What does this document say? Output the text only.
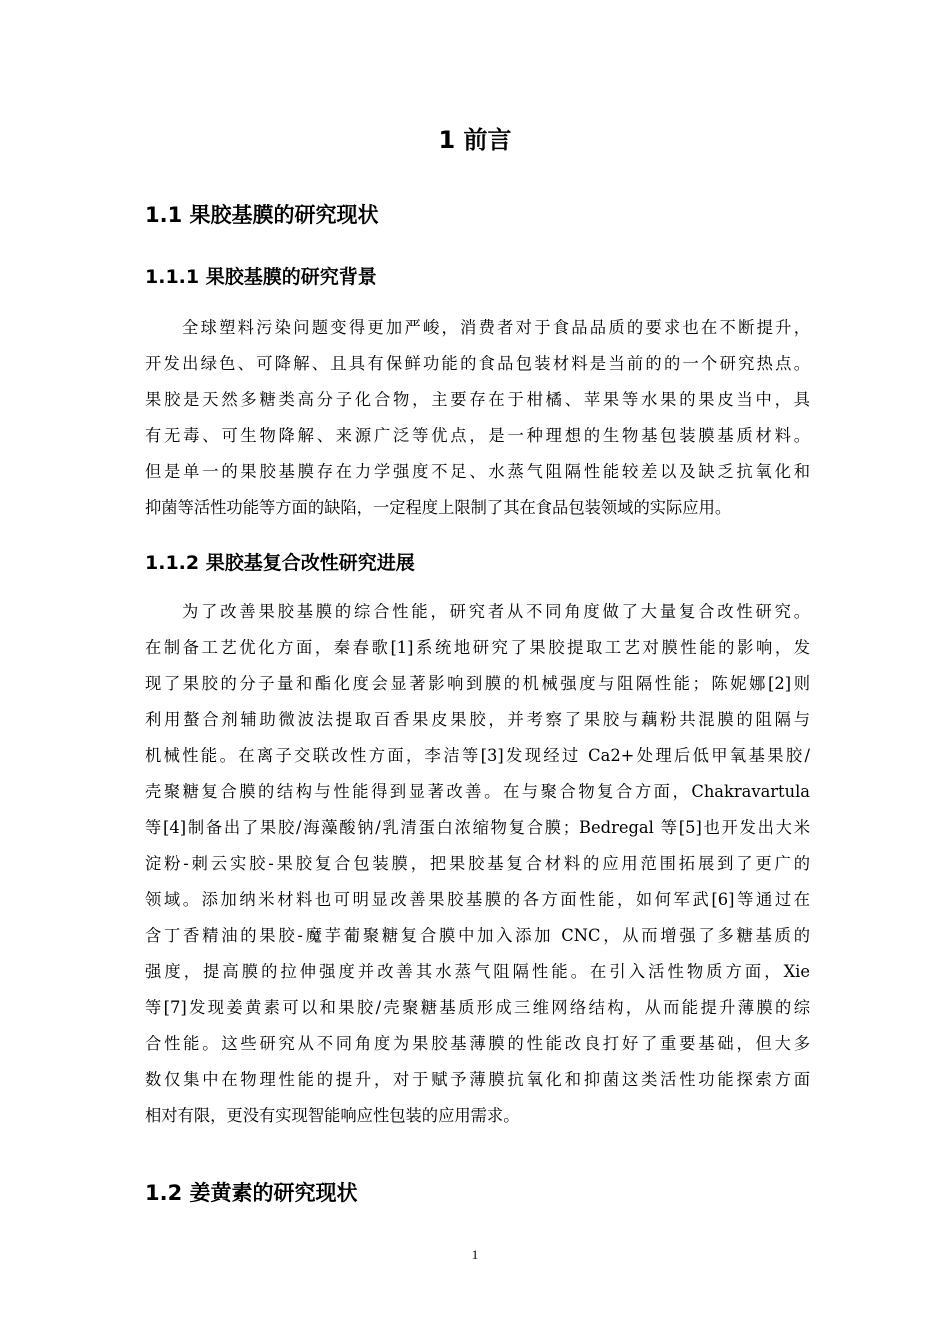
1 前言
1.1 果胶基膜的研究现状
1.1.1 果胶基膜的研究背景
全球塑料污染问题变得更加严峻，消费者对于食品品质的要求也在不断提升，
开发出绿色、可降解、且具有保鲜功能的食品包装材料是当前的的一个研究热点。
果胶是天然多糖类高分子化合物，主要存在于柑橘、苹果等水果的果皮当中，具
有无毒、可生物降解、来源广泛等优点，是一种理想的生物基包装膜基质材料。
但是单一的果胶基膜存在力学强度不足、水蒸气阻隔性能较差以及缺乏抗氧化和
抑菌等活性功能等方面的缺陷，一定程度上限制了其在食品包装领域的实际应用。
1.1.2 果胶基复合改性研究进展
为了改善果胶基膜的综合性能，研究者从不同角度做了大量复合改性研究。
在制备工艺优化方面，秦春歌[1]系统地研究了果胶提取工艺对膜性能的影响，发
现了果胶的分子量和酯化度会显著影响到膜的机械强度与阻隔性能；陈妮娜[2]则
利用螯合剂辅助微波法提取百香果皮果胶，并考察了果胶与藕粉共混膜的阻隔与
机械性能。在离子交联改性方面，李洁等[3]发现经过 Ca2+处理后低甲氧基果胶/
壳聚糖复合膜的结构与性能得到显著改善。在与聚合物复合方面，Chakravartula
等[4]制备出了果胶/海藻酸钠/乳清蛋白浓缩物复合膜；Bedregal 等[5]也开发出大米
淀粉-刺云实胶-果胶复合包装膜，把果胶基复合材料的应用范围拓展到了更广的
领域。添加纳米材料也可明显改善果胶基膜的各方面性能，如何军武[6]等通过在
含丁香精油的果胶-魔芋葡聚糖复合膜中加入添加 CNC，从而增强了多糖基质的
强度，提高膜的拉伸强度并改善其水蒸气阻隔性能。在引入活性物质方面，Xie
等[7]发现姜黄素可以和果胶/壳聚糖基质形成三维网络结构，从而能提升薄膜的综
合性能。这些研究从不同角度为果胶基薄膜的性能改良打好了重要基础，但大多
数仅集中在物理性能的提升，对于赋予薄膜抗氧化和抑菌这类活性功能探索方面
相对有限，更没有实现智能响应性包装的应用需求。
1.2 姜黄素的研究现状
1
